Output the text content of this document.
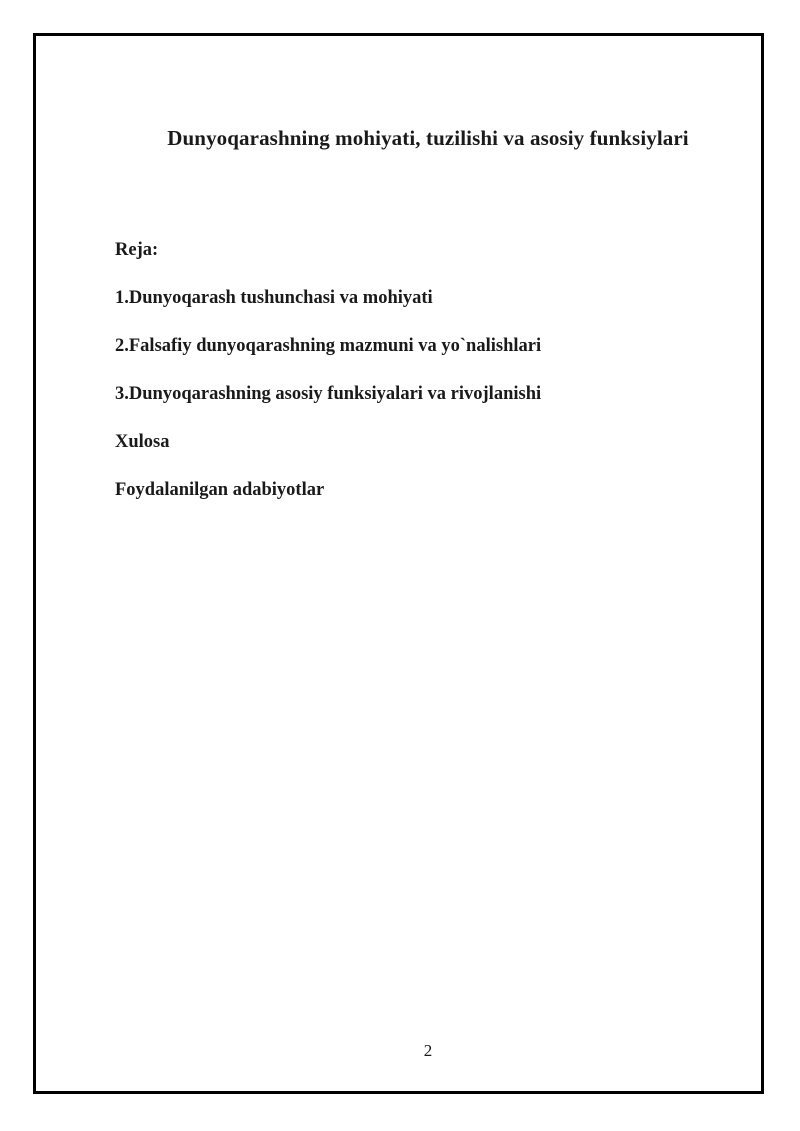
Dunyoqarashning mohiyati, tuzilishi va asosiy funksiylari
Reja:
1.Dunyoqarash tushunchasi va mohiyati
2.Falsafiy dunyoqarashning mazmuni va yo`nalishlari
3.Dunyoqarashning asosiy funksiyalari va rivojlanishi
Xulosa
Foydalanilgan adabiyotlar
2
